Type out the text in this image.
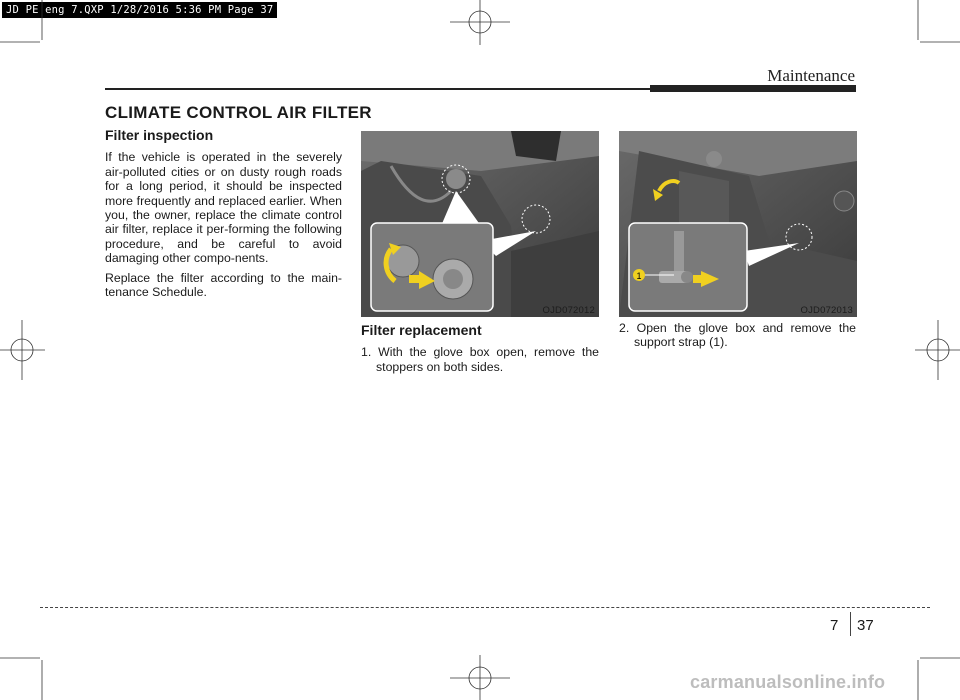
JD PE eng 7.QXP 1/28/2016 5:36 PM Page 37
Maintenance
CLIMATE CONTROL AIR FILTER
Filter inspection

If the vehicle is operated in the severely air-polluted cities or on dusty rough roads for a long period, it should be inspected more frequently and replaced earlier. When you, the owner, replace the climate control air filter, replace it per-forming the following procedure, and be careful to avoid damaging other compo-nents.

Replace the filter according to the main-tenance Schedule.

OJD072012
1
OJD072013
Filter replacement

1. With the glove box open, remove the stoppers on both sides.

2. Open the glove box and remove the support strap (1).

7 37
carmanualsonline.info
